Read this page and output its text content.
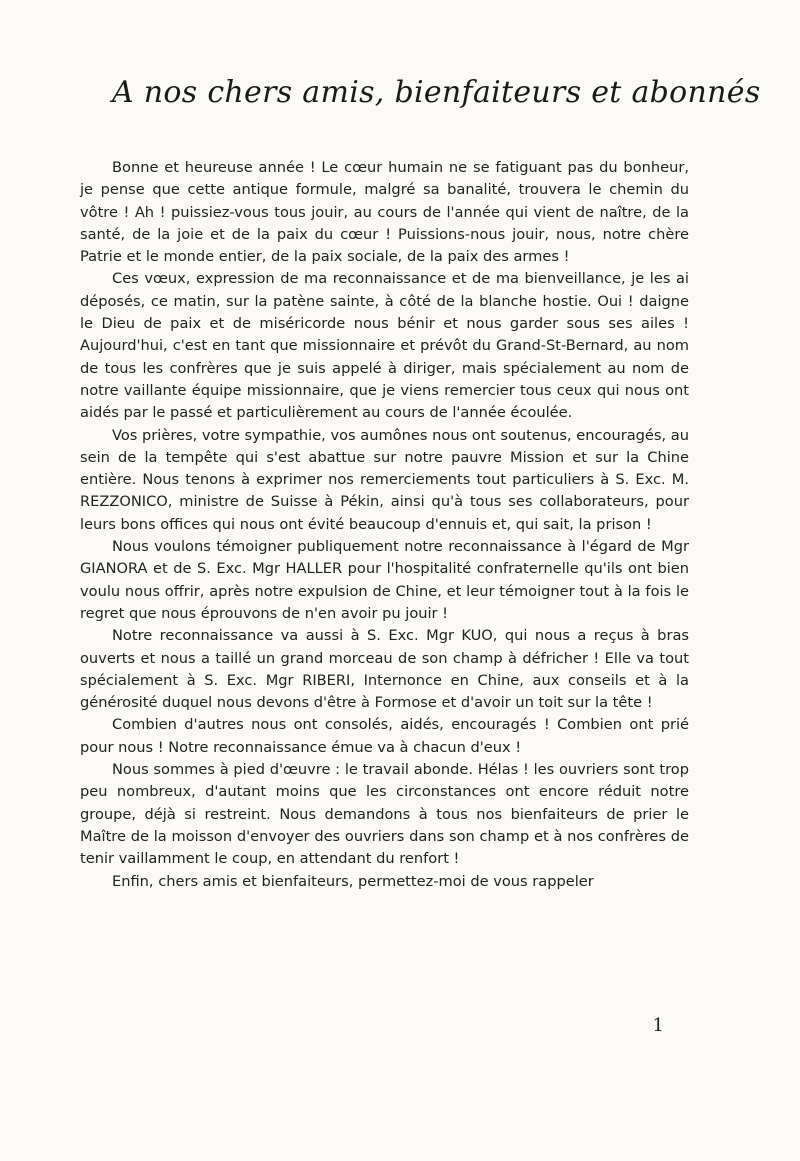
A nos chers amis, bienfaiteurs et abonnés

Bonne et heureuse année ! Le cœur humain ne se fatiguant pas du bonheur, je pense que cette antique formule, malgré sa banalité, trouvera le chemin du vôtre ! Ah ! puissiez-vous tous jouir, au cours de l'année qui vient de naître, de la santé, de la joie et de la paix du cœur ! Puissions-nous jouir, nous, notre chère Patrie et le monde entier, de la paix sociale, de la paix des armes !

Ces vœux, expression de ma reconnaissance et de ma bienveillance, je les ai déposés, ce matin, sur la patène sainte, à côté de la blanche hostie. Oui ! daigne le Dieu de paix et de miséricorde nous bénir et nous garder sous ses ailes ! Aujourd'hui, c'est en tant que missionnaire et prévôt du Grand-St-Bernard, au nom de tous les confrères que je suis appelé à diriger, mais spécialement au nom de notre vaillante équipe missionnaire, que je viens remercier tous ceux qui nous ont aidés par le passé et particulièrement au cours de l'année écoulée.

Vos prières, votre sympathie, vos aumônes nous ont soutenus, encouragés, au sein de la tempête qui s'est abattue sur notre pauvre Mission et sur la Chine entière. Nous tenons à exprimer nos remerciements tout particuliers à S. Exc. M. REZZONICO, ministre de Suisse à Pékin, ainsi qu'à tous ses collaborateurs, pour leurs bons offices qui nous ont évité beaucoup d'ennuis et, qui sait, la prison !

Nous voulons témoigner publiquement notre reconnaissance à l'égard de Mgr GIANORA et de S. Exc. Mgr HALLER pour l'hospitalité confraternelle qu'ils ont bien voulu nous offrir, après notre expulsion de Chine, et leur témoigner tout à la fois le regret que nous éprouvons de n'en avoir pu jouir !

Notre reconnaissance va aussi à S. Exc. Mgr KUO, qui nous a reçus à bras ouverts et nous a taillé un grand morceau de son champ à défricher ! Elle va tout spécialement à S. Exc. Mgr RIBERI, Internonce en Chine, aux conseils et à la générosité duquel nous devons d'être à Formose et d'avoir un toit sur la tête !

Combien d'autres nous ont consolés, aidés, encouragés ! Combien ont prié pour nous ! Notre reconnaissance émue va à chacun d'eux !

Nous sommes à pied d'œuvre : le travail abonde. Hélas ! les ouvriers sont trop peu nombreux, d'autant moins que les circonstances ont encore réduit notre groupe, déjà si restreint. Nous demandons à tous nos bienfaiteurs de prier le Maître de la moisson d'envoyer des ouvriers dans son champ et à nos confrères de tenir vaillamment le coup, en attendant du renfort !

Enfin, chers amis et bienfaiteurs, permettez-moi de vous rappeler

1
